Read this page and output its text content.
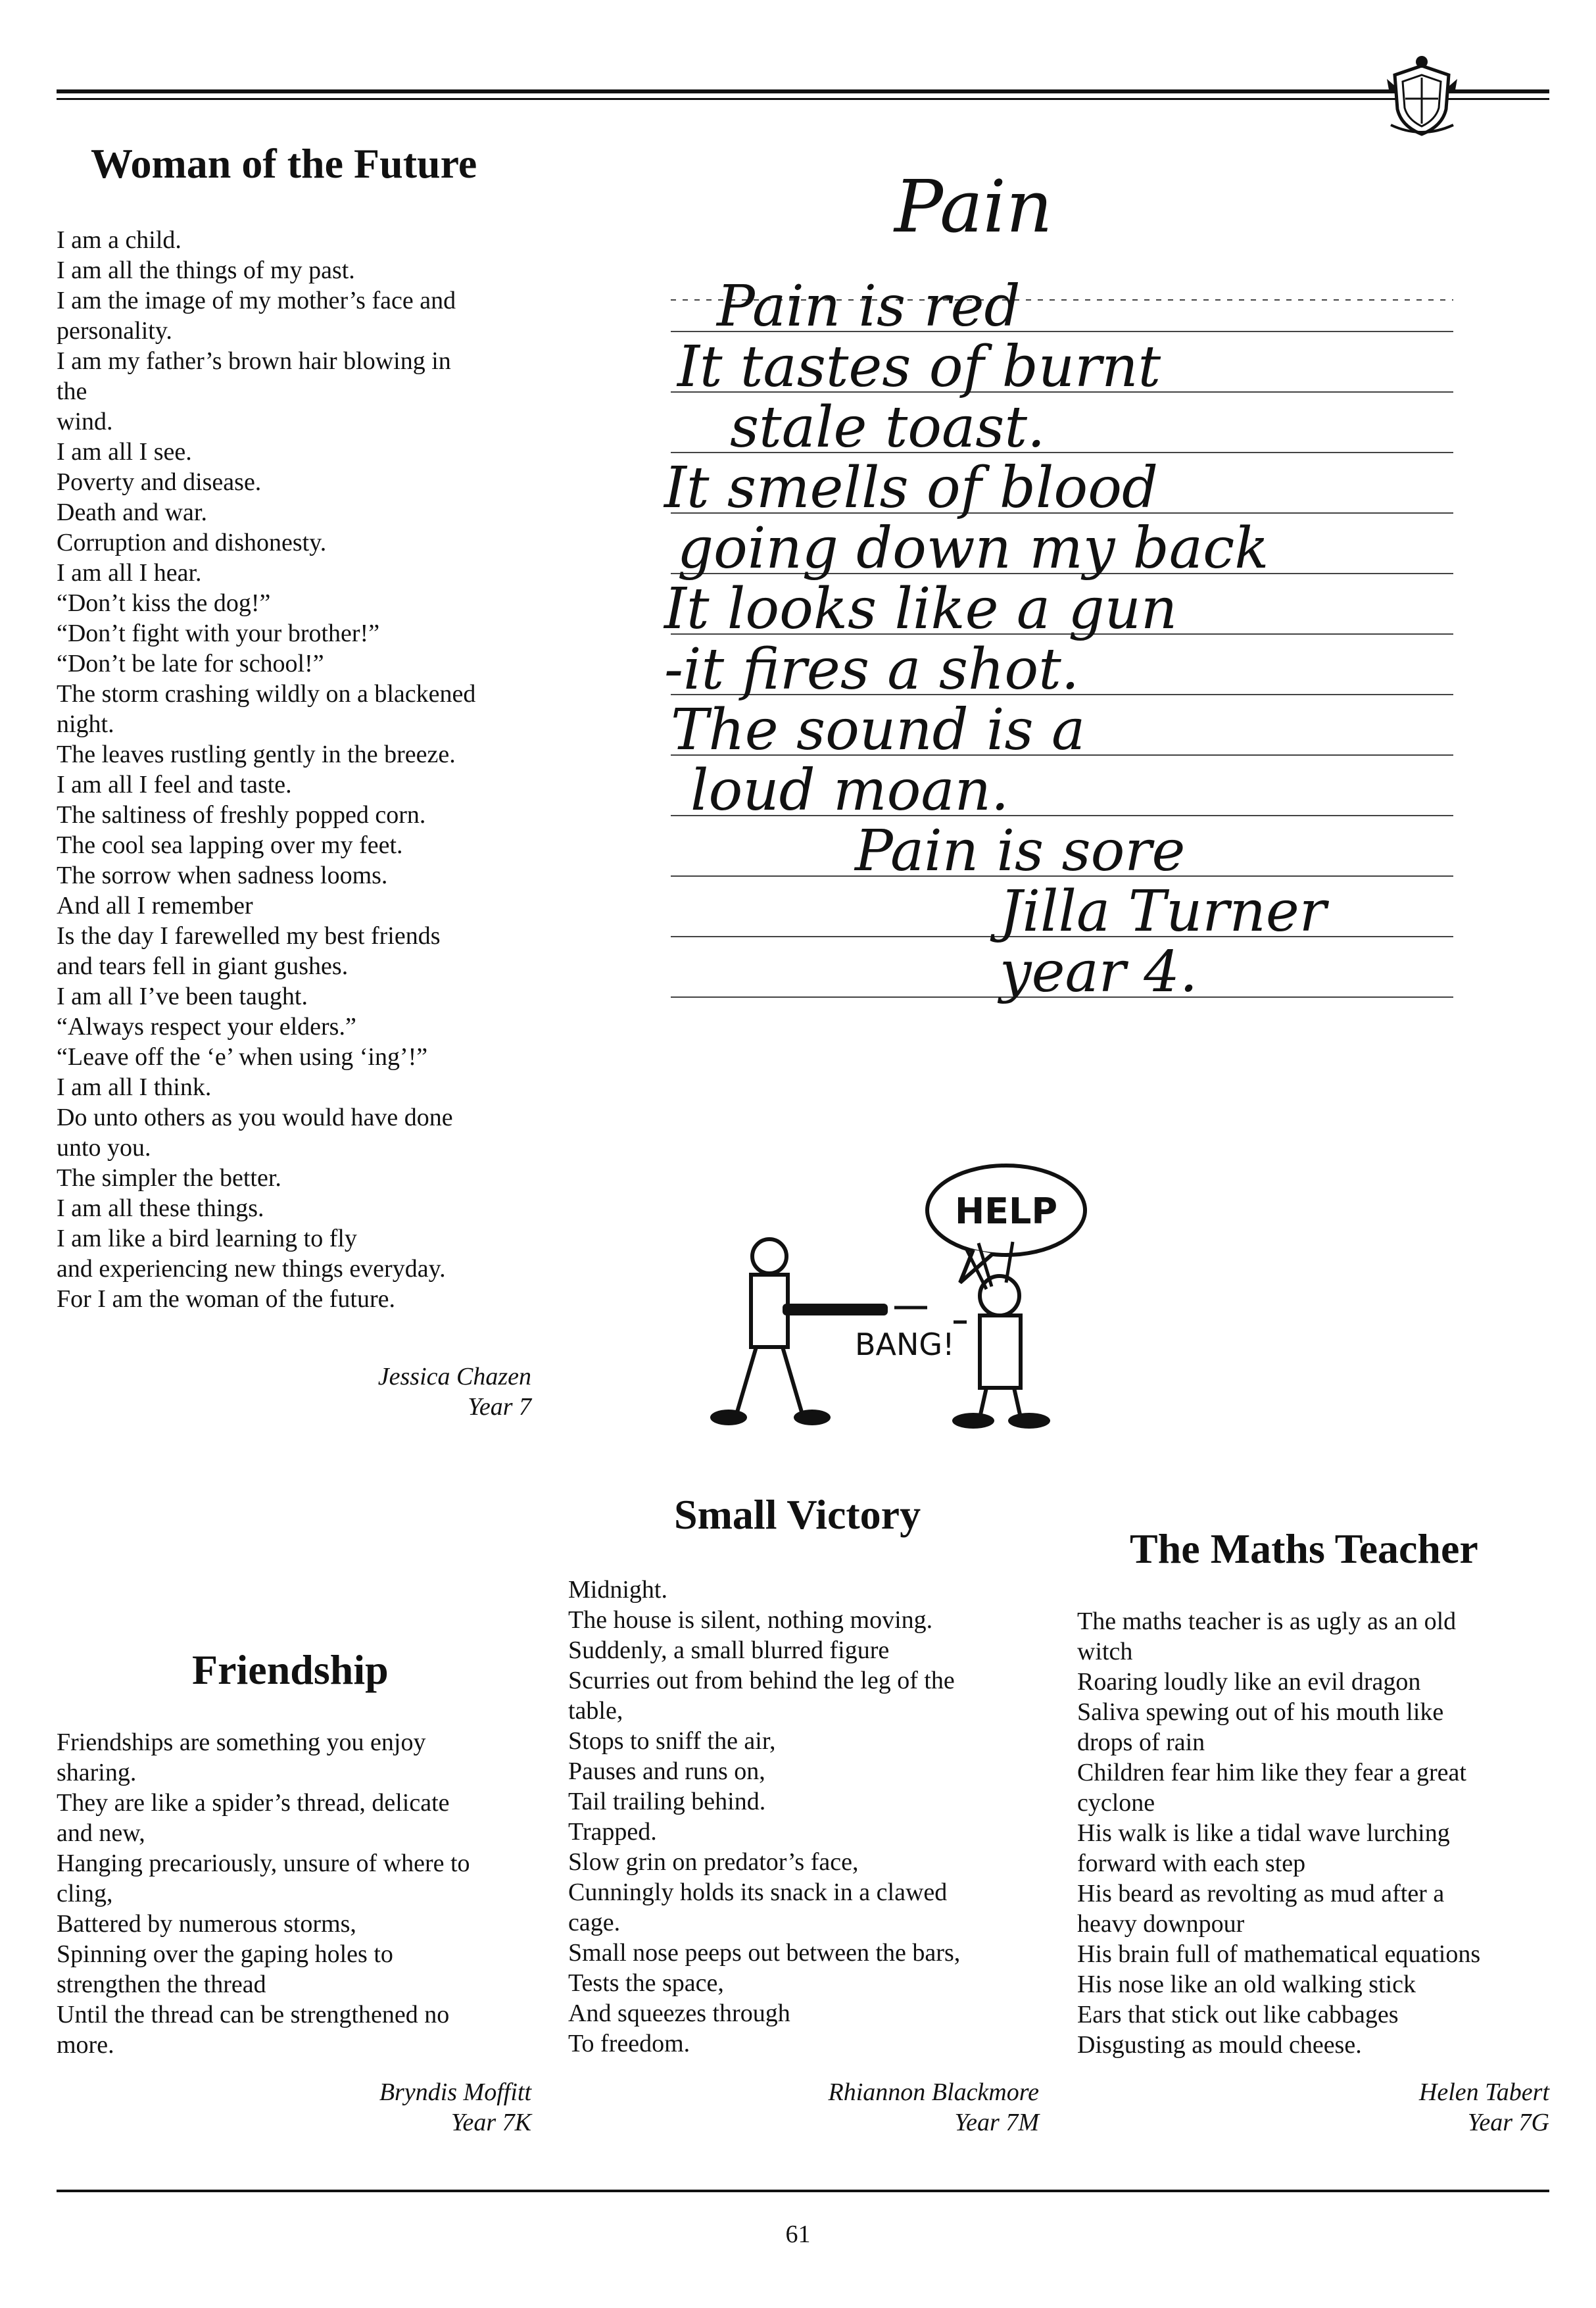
Woman of the Future
I am a child.
I am all the things of my past.
I am the image of my mother’s face and
personality.
I am my father’s brown hair blowing in
the
wind.
I am all I see.
Poverty and disease.
Death and war.
Corruption and dishonesty.
I am all I hear.
“Don’t kiss the dog!”
“Don’t fight with your brother!”
“Don’t be late for school!”
The storm crashing wildly on a blackened
night.
The leaves rustling gently in the breeze.
I am all I feel and taste.
The saltiness of freshly popped corn.
The cool sea lapping over my feet.
The sorrow when sadness looms.
And all I remember
Is the day I farewelled my best friends
and tears fell in giant gushes.
I am all I’ve been taught.
“Always respect your elders.”
“Leave off the ‘e’ when using ‘ing’!”
I am all I think.
Do unto others as you would have done
unto you.
The simpler the better.
I am all these things.
I am like a bird learning to fly
and experiencing new things everyday.
For I am the woman of the future.
Jessica Chazen
Year 7
Pain
Pain is red
It tastes of burnt
stale toast.
It smells of blood
going down my back
It looks like a gun
-it fires a shot.
The sound is a
loud moan.
Pain is sore
Jilla Turner
year 4.
HELP
BANG!
Friendship
Friendships are something you enjoy
sharing.
They are like a spider’s thread, delicate
and new,
Hanging precariously, unsure of where to
cling,
Battered by numerous storms,
Spinning over the gaping holes to
strengthen the thread
Until the thread can be strengthened no
more.
Bryndis Moffitt
Year 7K
Small Victory
Midnight.
The house is silent, nothing moving.
Suddenly, a small blurred figure
Scurries out from behind the leg of the
table,
Stops to sniff the air,
Pauses and runs on,
Tail trailing behind.
Trapped.
Slow grin on predator’s face,
Cunningly holds its snack in a clawed
cage.
Small nose peeps out between the bars,
Tests the space,
And squeezes through
To freedom.
Rhiannon Blackmore
Year 7M
The Maths Teacher
The maths teacher is as ugly as an old
witch
Roaring loudly like an evil dragon
Saliva spewing out of his mouth like
drops of rain
Children fear him like they fear a great
cyclone
His walk is like a tidal wave lurching
forward with each step
His beard as revolting as mud after a
heavy downpour
His brain full of mathematical equations
His nose like an old walking stick
Ears that stick out like cabbages
Disgusting as mould cheese.
Helen Tabert
Year 7G
61
